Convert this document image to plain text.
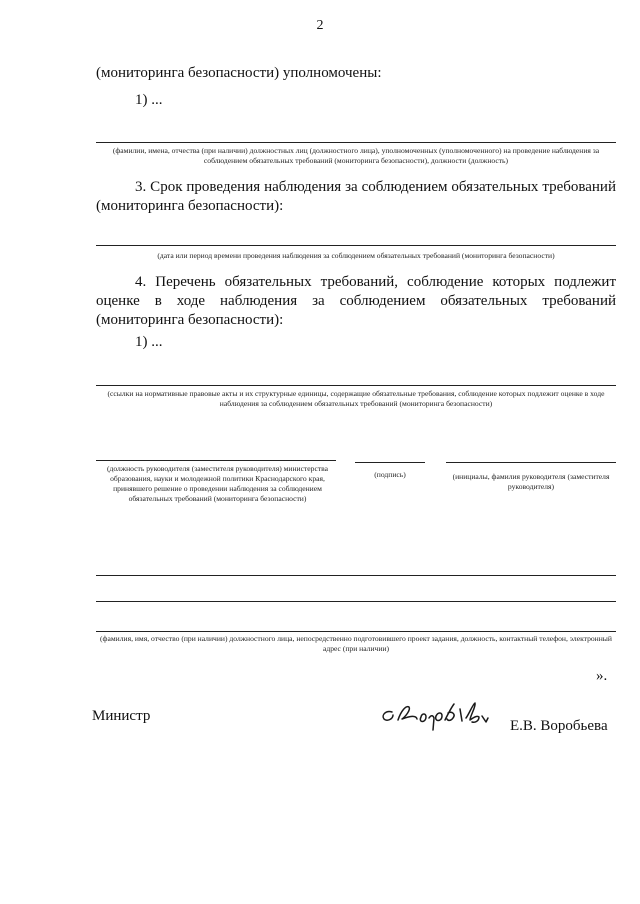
2
(мониторинга безопасности) уполномочены:
1) ...
(фамилии, имена, отчества (при наличии) должностных лиц (должностного лица), уполномоченных (уполномоченного) на проведение наблюдения за соблюдением обязательных требований (мониторинга безопасности), должности (должность)
3. Срок проведения наблюдения за соблюдением обязательных требований (мониторинга безопасности):
(дата или период времени проведения наблюдения за соблюдением обязательных требований (мониторинга безопасности)
4. Перечень обязательных требований, соблюдение которых подлежит оценке в ходе наблюдения за соблюдением обязательных требований (мониторинга безопасности):
1) ...
(ссылки на нормативные правовые акты и их структурные единицы, содержащие обязательные требования, соблюдение которых подлежит оценке в ходе наблюдения за соблюдением обязательных требований (мониторинга безопасности)
(должность руководителя (заместителя руководителя) министерства образования, науки и молодежной политики Краснодарского края, принявшего решение о проведении наблюдения за соблюдением обязательных требований (мониторинга безопасности)
(подпись)	(инициалы, фамилия руководителя (заместителя руководителя)
(фамилия, имя, отчество (при наличии) должностного лица, непосредственно подготовившего проект задания, должность, контактный телефон, электронный адрес (при наличии)
».
Министр
Е.В. Воробьева
